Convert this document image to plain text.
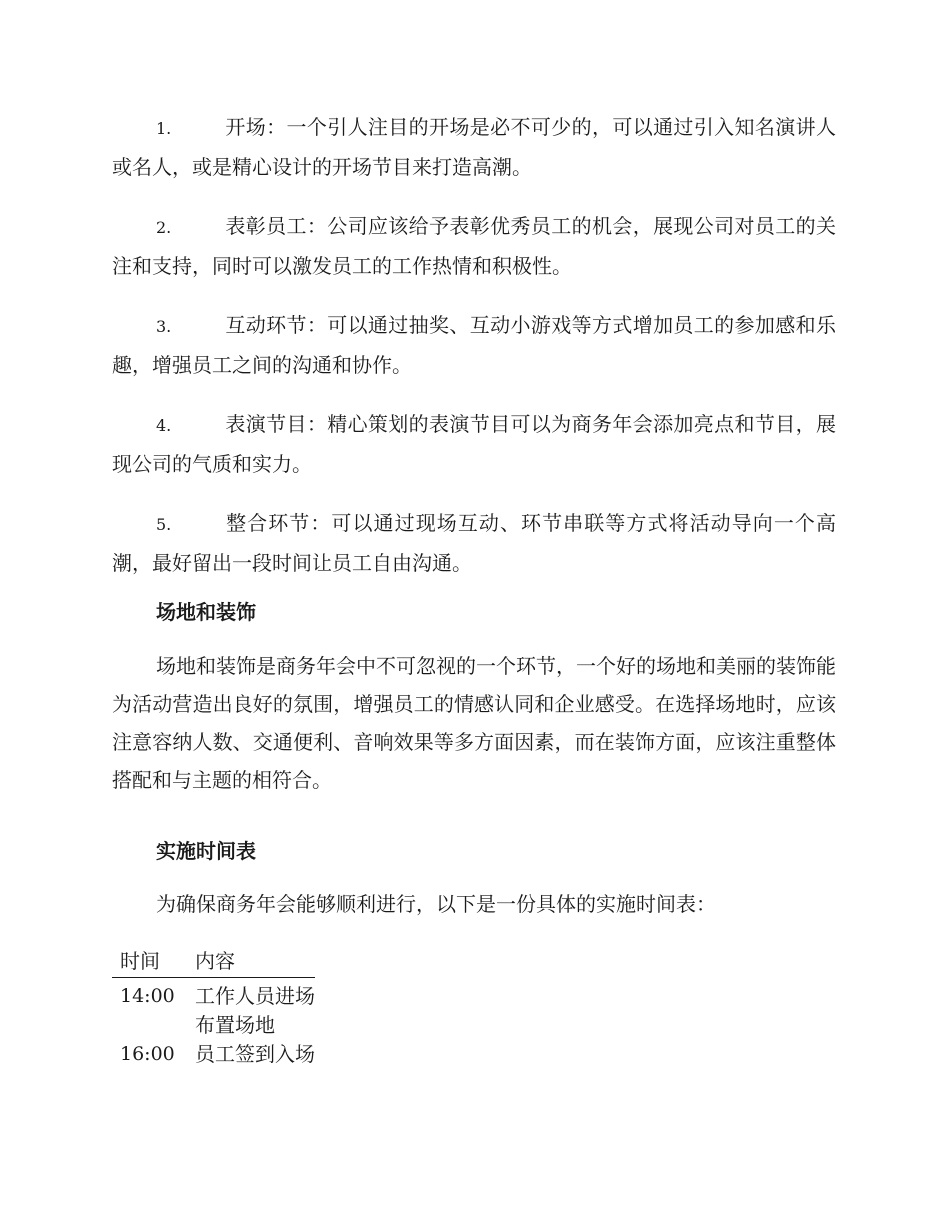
1.	开场：一个引人注目的开场是必不可少的，可以通过引入知名演讲人或名人，或是精心设计的开场节目来打造高潮。
2.	表彰员工：公司应该给予表彰优秀员工的机会，展现公司对员工的关注和支持，同时可以激发员工的工作热情和积极性。
3.	互动环节：可以通过抽奖、互动小游戏等方式增加员工的参加感和乐趣，增强员工之间的沟通和协作。
4.	表演节目：精心策划的表演节目可以为商务年会添加亮点和节目，展现公司的气质和实力。
5.	整合环节：可以通过现场互动、环节串联等方式将活动导向一个高潮，最好留出一段时间让员工自由沟通。
场地和装饰
场地和装饰是商务年会中不可忽视的一个环节，一个好的场地和美丽的装饰能为活动营造出良好的氛围，增强员工的情感认同和企业感受。在选择场地时，应该注意容纳人数、交通便利、音响效果等多方面因素，而在装饰方面，应该注重整体搭配和与主题的相符合。
实施时间表
为确保商务年会能够顺利进行，以下是一份具体的实施时间表：
时间	内容
14:00	工作人员进场布置场地
16:00	员工签到入场
